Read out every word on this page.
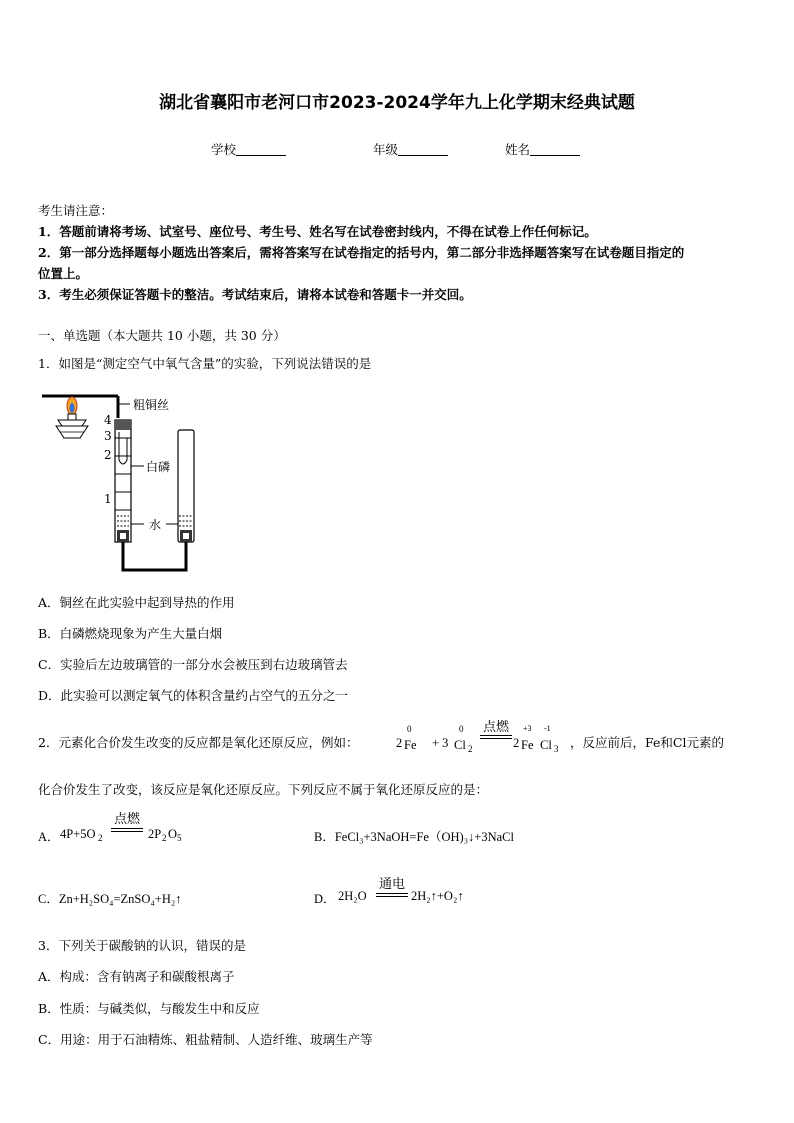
湖北省襄阳市老河口市2023-2024学年九上化学期末经典试题
学校	年级	姓名
考生请注意：
1．答题前请将考场、试室号、座位号、考生号、姓名写在试卷密封线内，不得在试卷上作任何标记。
2．第一部分选择题每小题选出答案后，需将答案写在试卷指定的括号内，第二部分非选择题答案写在试卷题目指定的
位置上。
3．考生必须保证答题卡的整洁。考试结束后，请将本试卷和答题卡一并交回。
一、单选题（本大题共 10 小题，共 30 分）
1．如图是“测定空气中氧气含量”的实验，下列说法错误的是
粗铜丝
4
3
2
1
白磷
水
A．铜丝在此实验中起到导热的作用
B．白磷燃烧现象为产生大量白烟
C．实验后左边玻璃管的一部分水会被压到右边玻璃管去
D．此实验可以测定氧气的体积含量约占空气的五分之一
2．元素化合价发生改变的反应都是氧化还原反应，例如：	2
0
Fe + 3
0
Cl 2
点燃
2
+3
Fe
-1
Cl 3 ，反应前后，Fe和Cl元素的
化合价发生了改变，该反应是氧化还原反应。下列反应不属于氧化还原反应的是：
A． 4P+5O 2
点燃
2P 2 O 5	B．FeCl₃+3NaOH=Fe（OH)₃↓+3NaCl
C．Zn+H₂SO₄=ZnSO₄+H₂↑	D． 2H₂O
通电
2H₂↑+O₂↑
3．下列关于碳酸钠的认识，错误的是
A．构成：含有钠离子和碳酸根离子
B．性质：与碱类似，与酸发生中和反应
C．用途：用于石油精炼、粗盐精制、人造纤维、玻璃生产等
